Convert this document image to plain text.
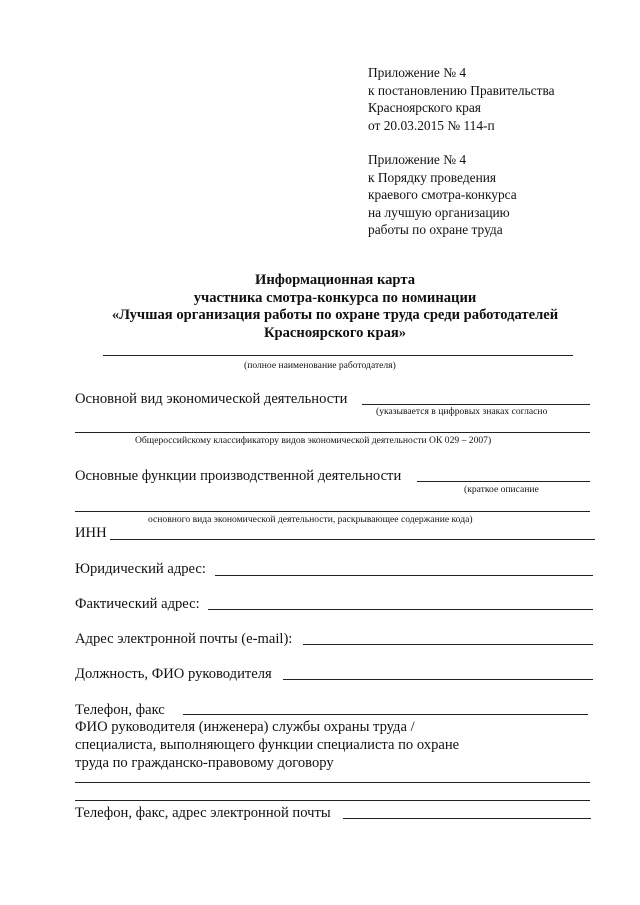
Приложение № 4
к постановлению Правительства
Красноярского края
от 20.03.2015 № 114-п
Приложение № 4
к Порядку проведения
краевого смотра-конкурса
на лучшую организацию
работы по охране труда
Информационная карта
участника смотра-конкурса по номинации
«Лучшая организация работы по охране труда среди работодателей
Красноярского края»
(полное наименование работодателя)
Основной вид экономической деятельности
(указывается в цифровых знаках согласно
Общероссийскому классификатору видов экономической деятельности ОК 029 – 2007)
Основные функции производственной деятельности
(краткое описание
основного вида экономической деятельности, раскрывающее содержание кода)
ИНН
Юридический адрес:
Фактический адрес:
Адрес электронной почты (e-mail):
Должность, ФИО руководителя
Телефон, факс
ФИО руководителя (инженера) службы охраны труда /
специалиста, выполняющего функции специалиста по охране
труда по гражданско-правовому договору
Телефон, факс, адрес электронной почты
